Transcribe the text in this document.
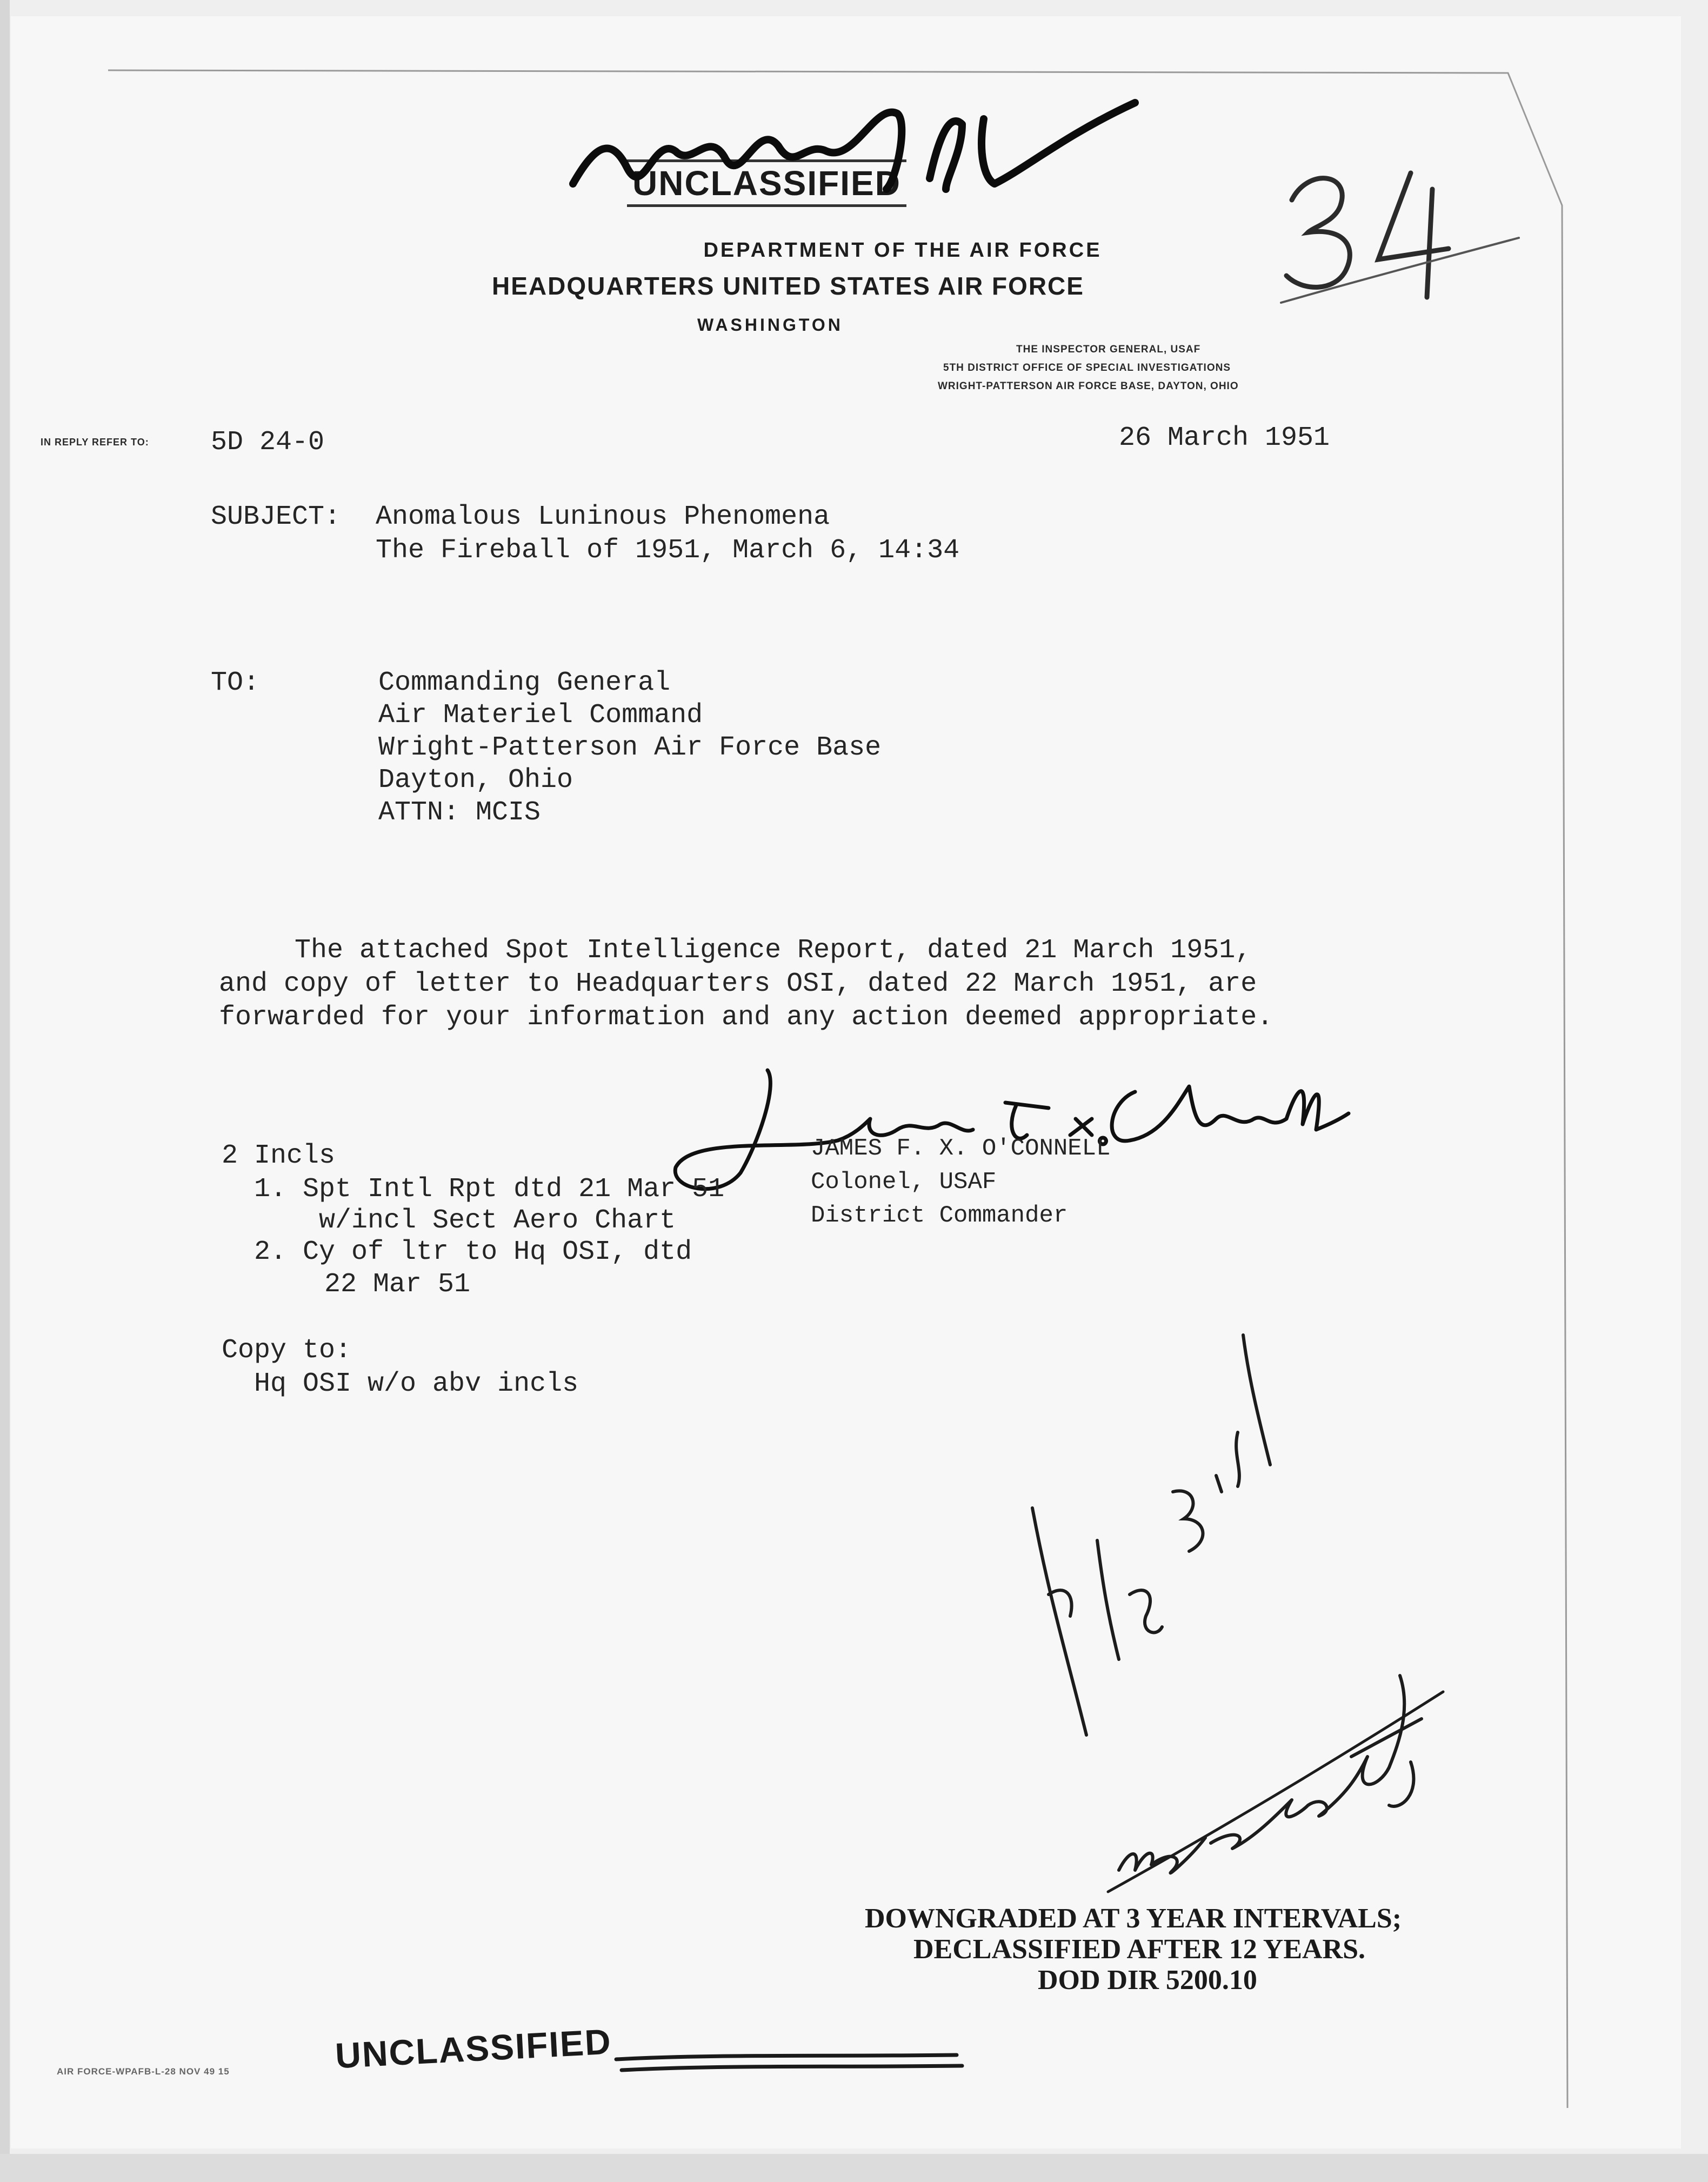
UNCLASSIFIED
DEPARTMENT OF THE AIR FORCE
HEADQUARTERS UNITED STATES AIR FORCE
WASHINGTON
THE INSPECTOR GENERAL, USAF
5TH DISTRICT OFFICE OF SPECIAL INVESTIGATIONS
WRIGHT-PATTERSON AIR FORCE BASE, DAYTON, OHIO
IN REPLY REFER TO: 5D 24-0	26 March 1951
SUBJECT: Anomalous Luninous Phenomena
The Fireball of 1951, March 6, 14:34
TO:	Commanding General
Air Materiel Command
Wright-Patterson Air Force Base
Dayton, Ohio
ATTN: MCIS
The attached Spot Intelligence Report, dated 21 March 1951,
and copy of letter to Headquarters OSI, dated 22 March 1951, are
forwarded for your information and any action deemed appropriate.
JAMES F. X. O'CONNELL
Colonel, USAF
District Commander
2 Incls
1. Spt Intl Rpt dtd 21 Mar 51
w/incl Sect Aero Chart
2. Cy of ltr to Hq OSI, dtd
22 Mar 51
Copy to:
Hq OSI w/o abv incls
DOWNGRADED AT 3 YEAR INTERVALS;
DECLASSIFIED AFTER 12 YEARS.
DOD DIR 5200.10
AIR FORCE-WPAFB-L-28 NOV 49 15	UNCLASSIFIED
